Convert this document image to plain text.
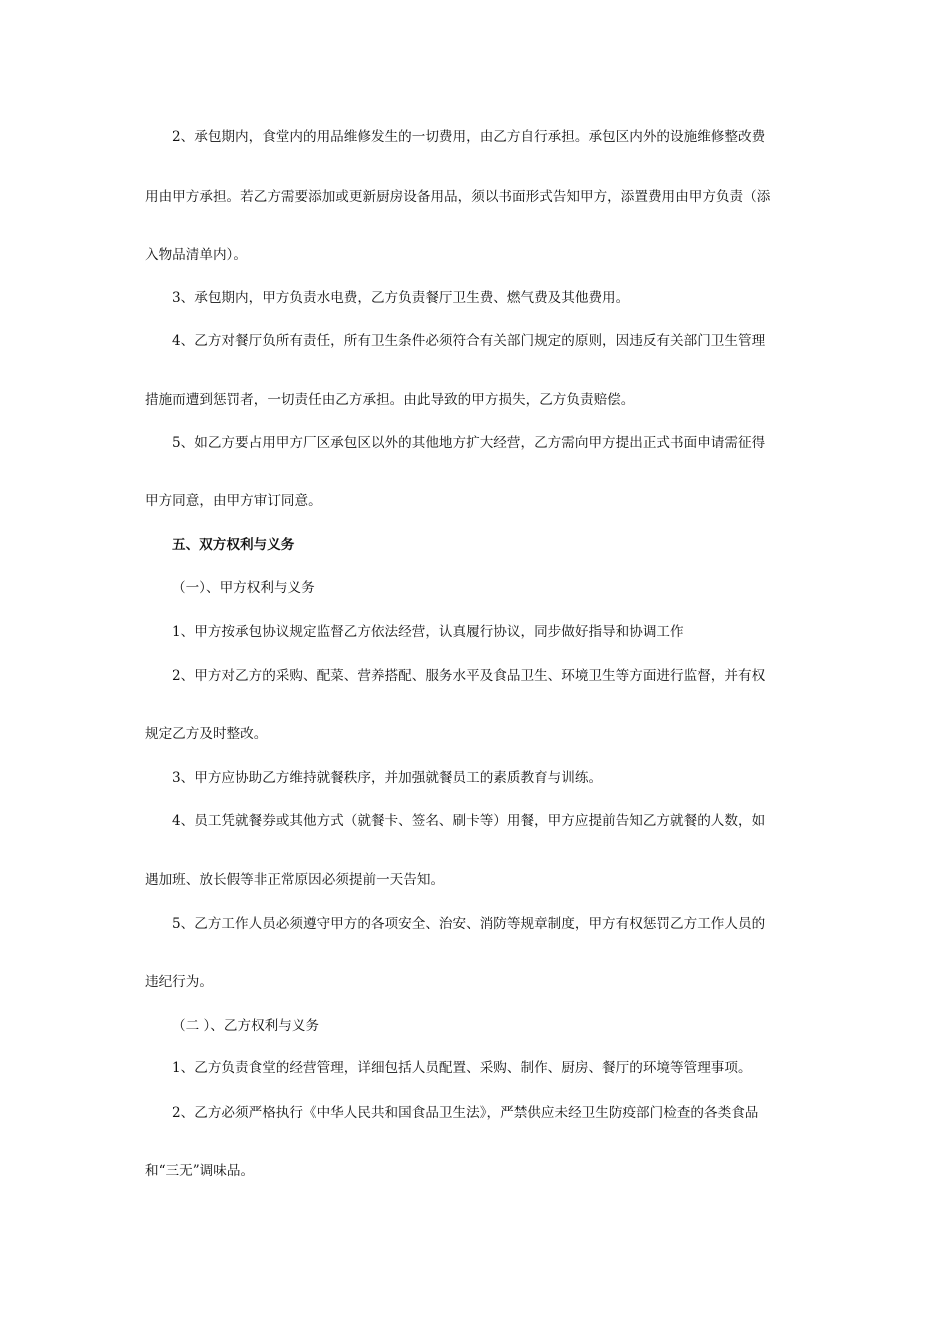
2、承包期内，食堂内的用品维修发生的一切费用，由乙方自行承担。承包区内外的设施维修整改费

用由甲方承担。若乙方需要添加或更新厨房设备用品，须以书面形式告知甲方，添置费用由甲方负责（添

入物品清单内）。

3、承包期内，甲方负责水电费，乙方负责餐厅卫生费、燃气费及其他费用。

4、乙方对餐厅负所有责任，所有卫生条件必须符合有关部门规定的原则，因违反有关部门卫生管理

措施而遭到惩罚者，一切责任由乙方承担。由此导致的甲方损失，乙方负责赔偿。

5、如乙方要占用甲方厂区承包区以外的其他地方扩大经营，乙方需向甲方提出正式书面申请需征得

甲方同意，由甲方审订同意。

五、双方权利与义务

（一）、甲方权利与义务

1、甲方按承包协议规定监督乙方依法经营，认真履行协议，同步做好指导和协调工作

2、甲方对乙方的采购、配菜、营养搭配、服务水平及食品卫生、环境卫生等方面进行监督，并有权

规定乙方及时整改。

3、甲方应协助乙方维持就餐秩序，并加强就餐员工的素质教育与训练。

4、员工凭就餐券或其他方式（就餐卡、签名、刷卡等）用餐，甲方应提前告知乙方就餐的人数，如

遇加班、放长假等非正常原因必须提前一天告知。

5、乙方工作人员必须遵守甲方的各项安全、治安、消防等规章制度，甲方有权惩罚乙方工作人员的

违纪行为。

（二 ）、乙方权利与义务

1、乙方负责食堂的经营管理，详细包括人员配置、采购、制作、厨房、餐厅的环境等管理事项。

2、乙方必须严格执行《中华人民共和国食品卫生法》，严禁供应未经卫生防疫部门检查的各类食品

和“三无”调味品。
